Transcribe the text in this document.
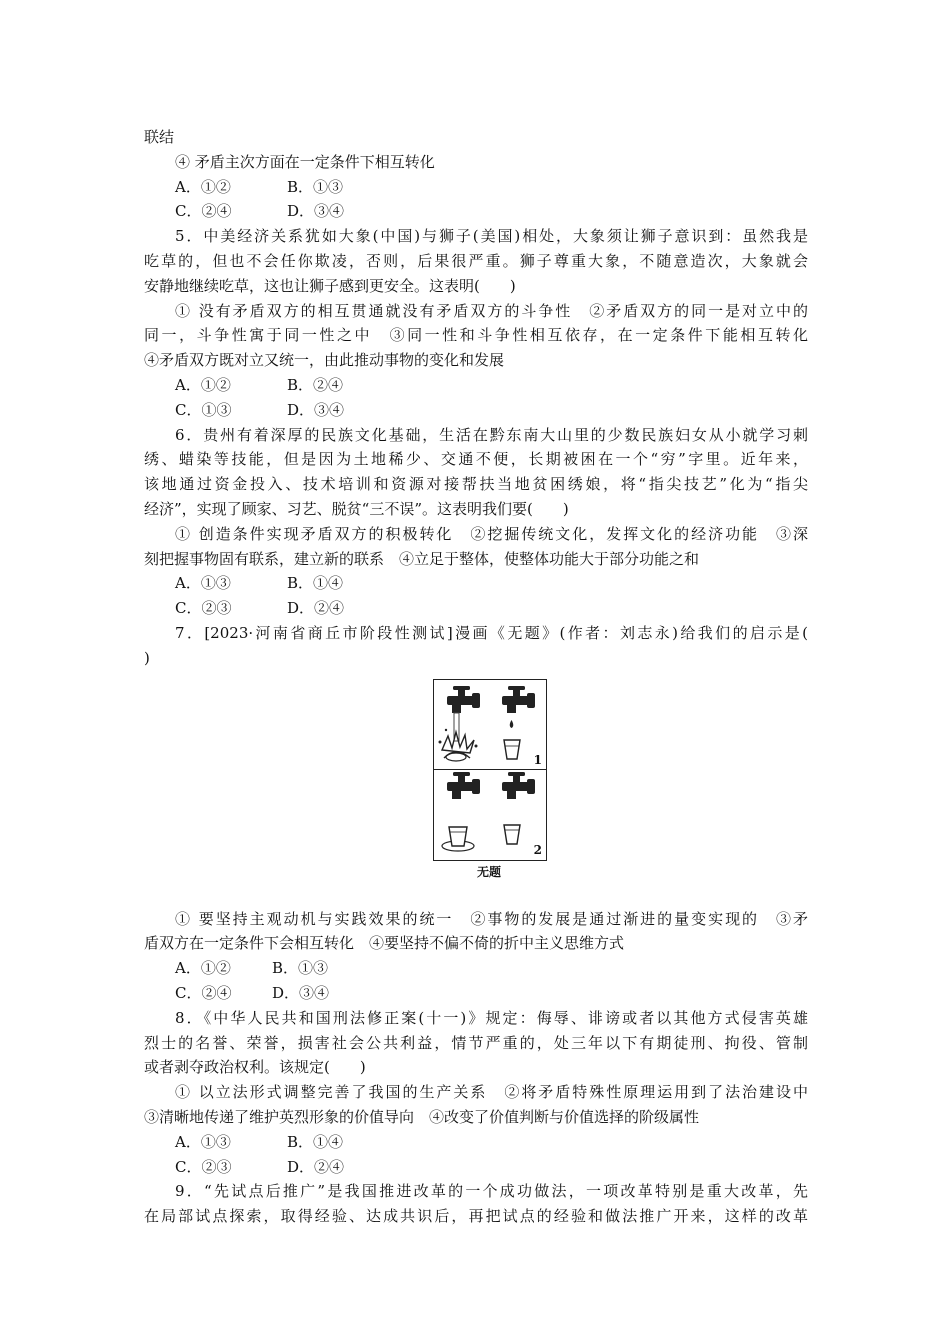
联结
④ 矛盾主次方面在一定条件下相互转化
A．①②	B．①③
C．②④	D．③④
5．中美经济关系犹如大象(中国)与狮子(美国)相处，大象须让狮子意识到：虽然我是
吃草的，但也不会任你欺凌，否则，后果很严重。狮子尊重大象，不随意造次，大象就会
安静地继续吃草，这也让狮子感到更安全。这表明(　　)
① 没有矛盾双方的相互贯通就没有矛盾双方的斗争性　②矛盾双方的同一是对立中的
同一，斗争性寓于同一性之中　③同一性和斗争性相互依存，在一定条件下能相互转化
④矛盾双方既对立又统一，由此推动事物的变化和发展
A．①②	B．②④
C．①③	D．③④
6．贵州有着深厚的民族文化基础，生活在黔东南大山里的少数民族妇女从小就学习刺
绣、蜡染等技能，但是因为土地稀少、交通不便，长期被困在一个“穷”字里。近年来，
该地通过资金投入、技术培训和资源对接帮扶当地贫困绣娘，将“指尖技艺”化为“指尖
经济”，实现了顾家、习艺、脱贫“三不误”。这表明我们要(　　)
① 创造条件实现矛盾双方的积极转化　②挖掘传统文化，发挥文化的经济功能　③深
刻把握事物固有联系，建立新的联系　④立足于整体，使整体功能大于部分功能之和
A．①③	B．①④
C．②③	D．②④
7．[2023·河南省商丘市阶段性测试]漫画《无题》(作者：刘志永)给我们的启示是(
)
1
2
无题
① 要坚持主观动机与实践效果的统一　②事物的发展是通过渐进的量变实现的　③矛
盾双方在一定条件下会相互转化　④要坚持不偏不倚的折中主义思维方式
A．①②	B．①③
C．②④	D．③④
8．《中华人民共和国刑法修正案(十一)》规定：侮辱、诽谤或者以其他方式侵害英雄
烈士的名誉、荣誉，损害社会公共利益，情节严重的，处三年以下有期徒刑、拘役、管制
或者剥夺政治权利。该规定(　　)
① 以立法形式调整完善了我国的生产关系　②将矛盾特殊性原理运用到了法治建设中
③清晰地传递了维护英烈形象的价值导向　④改变了价值判断与价值选择的阶级属性
A．①③	B．①④
C．②③	D．②④
9．“先试点后推广”是我国推进改革的一个成功做法，一项改革特别是重大改革，先
在局部试点探索，取得经验、达成共识后，再把试点的经验和做法推广开来，这样的改革
